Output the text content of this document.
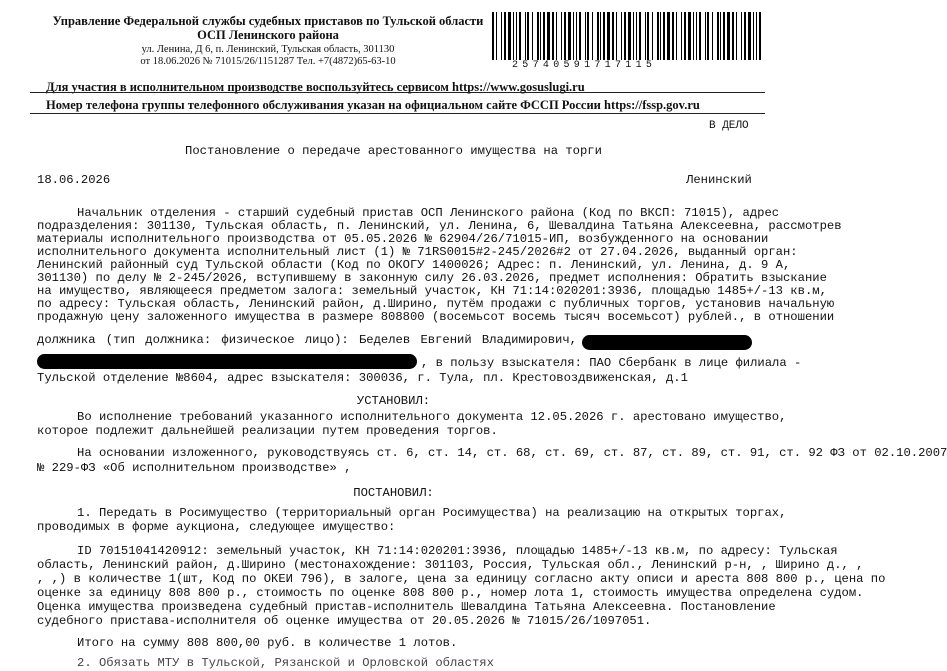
Управление Федеральной службы судебных приставов по Тульской области
ОСП Ленинского района
ул. Ленина, Д 6, п. Ленинский, Тульская область, 301130
от 18.06.2026 № 71015/26/1151287 Тел. +7(4872)65-63-10	25740591717115
Для участия в исполнительном производстве воспользуйтесь сервисом https://www.gosuslugi.ru
Номер телефона группы телефонного обслуживания указан на официальном сайте ФССП России https://fssp.gov.ru
В ДЕЛО
Постановление о передаче арестованного имущества на торги
18.06.2026	Ленинский
Начальник отделения - старший судебный пристав ОСП Ленинского района (Код по ВКСП: 71015), адрес
подразделения: 301130, Тульская область, п. Ленинский, ул. Ленина, 6, Шевалдина Татьяна Алексеевна, рассмотрев
материалы исполнительного производства от 05.05.2026 № 62904/26/71015-ИП, возбужденного на основании
исполнительного документа исполнительный лист (1) № 71RS0015#2-245/2026#2 от 27.04.2026, выданный орган:
Ленинский районный суд Тульской области (Код по ОКОГУ 1400026; Адрес: п. Ленинский, ул. Ленина, д. 9 А,
301130) по делу № 2-245/2026, вступившему в законную силу 26.03.2026, предмет исполнения: Обратить взыскание
на имущество, являющееся предметом залога: земельный участок, КН 71:14:020201:3936, площадью 1485+/-13 кв.м,
по адресу: Тульская область, Ленинский район, д.Ширино, путём продажи с публичных торгов, установив начальную
продажную цену заложенного имущества в размере 808800 (восемьсот восемь тысяч восемьсот) рублей., в отношении
должника (тип должника: физическое лицо): Беделев Евгений Владимирович,
, в пользу взыскателя: ПАО Сбербанк в лице филиала -
Тульской отделение №8604, адрес взыскателя: 300036, г. Тула, пл. Крестовоздвиженская, д.1
УСТАНОВИЛ:
Во исполнение требований указанного исполнительного документа 12.05.2026 г. арестовано имущество,
которое подлежит дальнейшей реализации путем проведения торгов.
На основании изложенного, руководствуясь ст. 6, ст. 14, ст. 68, ст. 69, ст. 87, ст. 89, ст. 91, ст. 92 ФЗ от 02.10.2007
№ 229-ФЗ «Об исполнительном производстве» ,
ПОСТАНОВИЛ:
1. Передать в Росимущество (территориальный орган Росимущества) на реализацию на открытых торгах,
проводимых в форме аукциона, следующее имущество:
ID 70151041420912: земельный участок, КН 71:14:020201:3936, площадью 1485+/-13 кв.м, по адресу: Тульская
область, Ленинский район, д.Ширино (местонахождение: 301103, Россия, Тульская обл., Ленинский р-н, , Ширино д., ,
, ,) в количестве 1(шт, Код по ОКЕИ 796), в залоге, цена за единицу согласно акту описи и ареста 808 800 р., цена по
оценке за единицу 808 800 р., стоимость по оценке 808 800 р., номер лота 1, стоимость имущества определена судом.
Оценка имущества произведена судебный пристав-исполнитель Шевалдина Татьяна Алексеевна. Постановление
судебного пристава-исполнителя об оценке имущества от 20.05.2026 № 71015/26/1097051.
Итого на сумму 808 800,00 руб. в количестве 1 лотов.
2. Обязать МТУ в Тульской, Рязанской и Орловской областях
